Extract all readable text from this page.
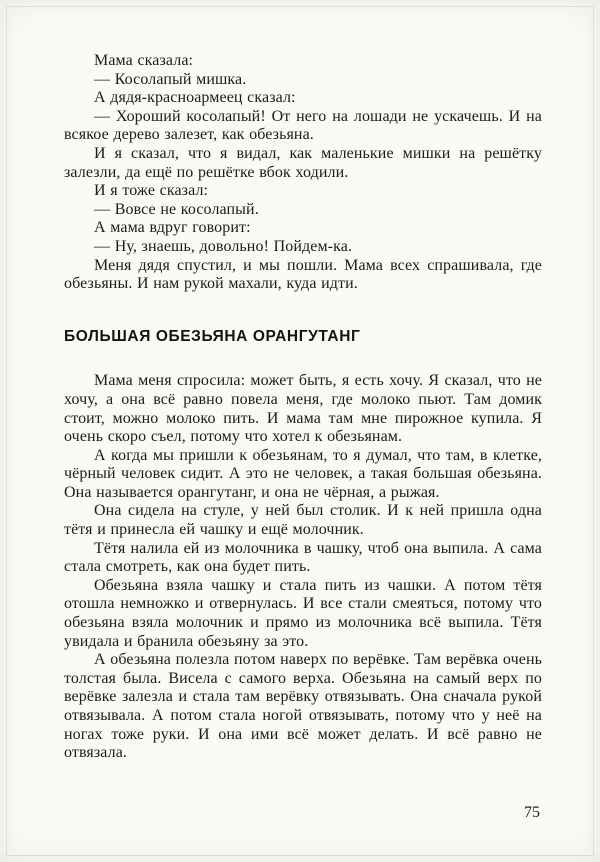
Мама сказала:

— Косолапый мишка.

А дядя-красноармеец сказал:

— Хороший косолапый! От него на лошади не ускачешь. И на всякое дерево залезет, как обезьяна.

И я сказал, что я видал, как маленькие мишки на решётку залезли, да ещё по решётке вбок ходили.

И я тоже сказал:

— Вовсе не косолапый.

А мама вдруг говорит:

— Ну, знаешь, довольно! Пойдем-ка.

Меня дядя спустил, и мы пошли. Мама всех спрашивала, где обезьяны. И нам рукой махали, куда идти.

БОЛЬШАЯ ОБЕЗЬЯНА ОРАНГУТАНГ

Мама меня спросила: может быть, я есть хочу. Я сказал, что не хочу, а она всё равно повела меня, где молоко пьют. Там домик стоит, можно молоко пить. И мама там мне пирожное купила. Я очень скоро съел, потому что хотел к обезьянам.

А когда мы пришли к обезьянам, то я думал, что там, в клетке, чёрный человек сидит. А это не человек, а такая большая обезьяна. Она называется орангутанг, и она не чёрная, а рыжая.

Она сидела на стуле, у ней был столик. И к ней пришла одна тётя и принесла ей чашку и ещё молочник.

Тётя налила ей из молочника в чашку, чтоб она выпила. А сама стала смотреть, как она будет пить.

Обезьяна взяла чашку и стала пить из чашки. А потом тётя отошла немножко и отвернулась. И все стали смеяться, потому что обезьяна взяла молочник и прямо из молочника всё выпила. Тётя увидала и бранила обезьяну за это.

А обезьяна полезла потом наверх по верёвке. Там верёвка очень толстая была. Висела с самого верха. Обезьяна на самый верх по верёвке залезла и стала там верёвку отвязывать. Она сначала рукой отвязывала. А потом стала ногой отвязывать, потому что у неё на ногах тоже руки. И она ими всё может делать. И всё равно не отвязала.

75
